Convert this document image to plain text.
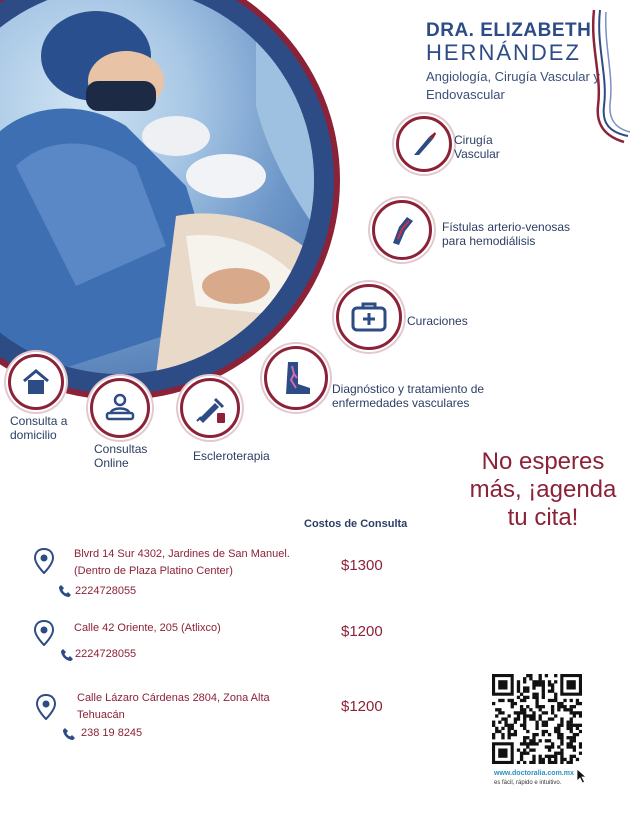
DRA. ELIZABETH
HERNÁNDEZ
Angiología, Cirugía Vascular y Endovascular
Cirugía Vascular
Fístulas arterio-venosas para hemodiálisis
Curaciones
Diagnóstico y tratamiento de enfermedades vasculares
Escleroterapia
Consultas Online
Consulta a domicilio
No esperes más, ¡agenda tu cita!
Costos de Consulta
Blvrd 14 Sur 4302, Jardines de San Manuel.
(Dentro de Plaza Platino Center)
2224728055
$1300
Calle 42 Oriente, 205 (Atlixco)
2224728055
$1200
Calle Lázaro Cárdenas 2804, Zona Alta
Tehuacán
238 19 8245
$1200
www.doctoralia.com.mx
es fácil, rápido e intuitivo.
